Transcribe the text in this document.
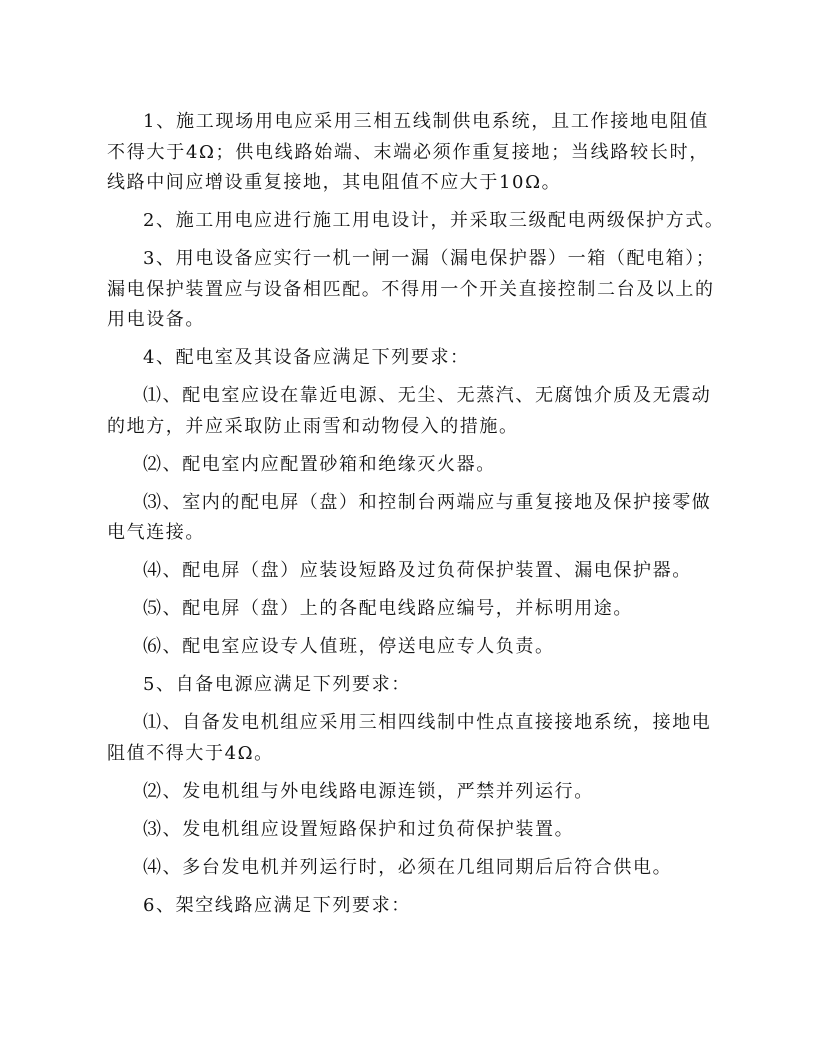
1、施工现场用电应采用三相五线制供电系统，且工作接地电阻值
不得大于4Ω；供电线路始端、末端必须作重复接地；当线路较长时，
线路中间应增设重复接地，其电阻值不应大于10Ω。
2、施工用电应进行施工用电设计，并采取三级配电两级保护方式。
3、用电设备应实行一机一闸一漏（漏电保护器）一箱（配电箱）；
漏电保护装置应与设备相匹配。不得用一个开关直接控制二台及以上的
用电设备。
4、配电室及其设备应满足下列要求：
⑴、配电室应设在靠近电源、无尘、无蒸汽、无腐蚀介质及无震动
的地方，并应采取防止雨雪和动物侵入的措施。
⑵、配电室内应配置砂箱和绝缘灭火器。
⑶、室内的配电屏（盘）和控制台两端应与重复接地及保护接零做
电气连接。
⑷、配电屏（盘）应装设短路及过负荷保护装置、漏电保护器。
⑸、配电屏（盘）上的各配电线路应编号，并标明用途。
⑹、配电室应设专人值班，停送电应专人负责。
5、自备电源应满足下列要求：
⑴、自备发电机组应采用三相四线制中性点直接接地系统，接地电
阻值不得大于4Ω。
⑵、发电机组与外电线路电源连锁，严禁并列运行。
⑶、发电机组应设置短路保护和过负荷保护装置。
⑷、多台发电机并列运行时，必须在几组同期后后符合供电。
6、架空线路应满足下列要求：
